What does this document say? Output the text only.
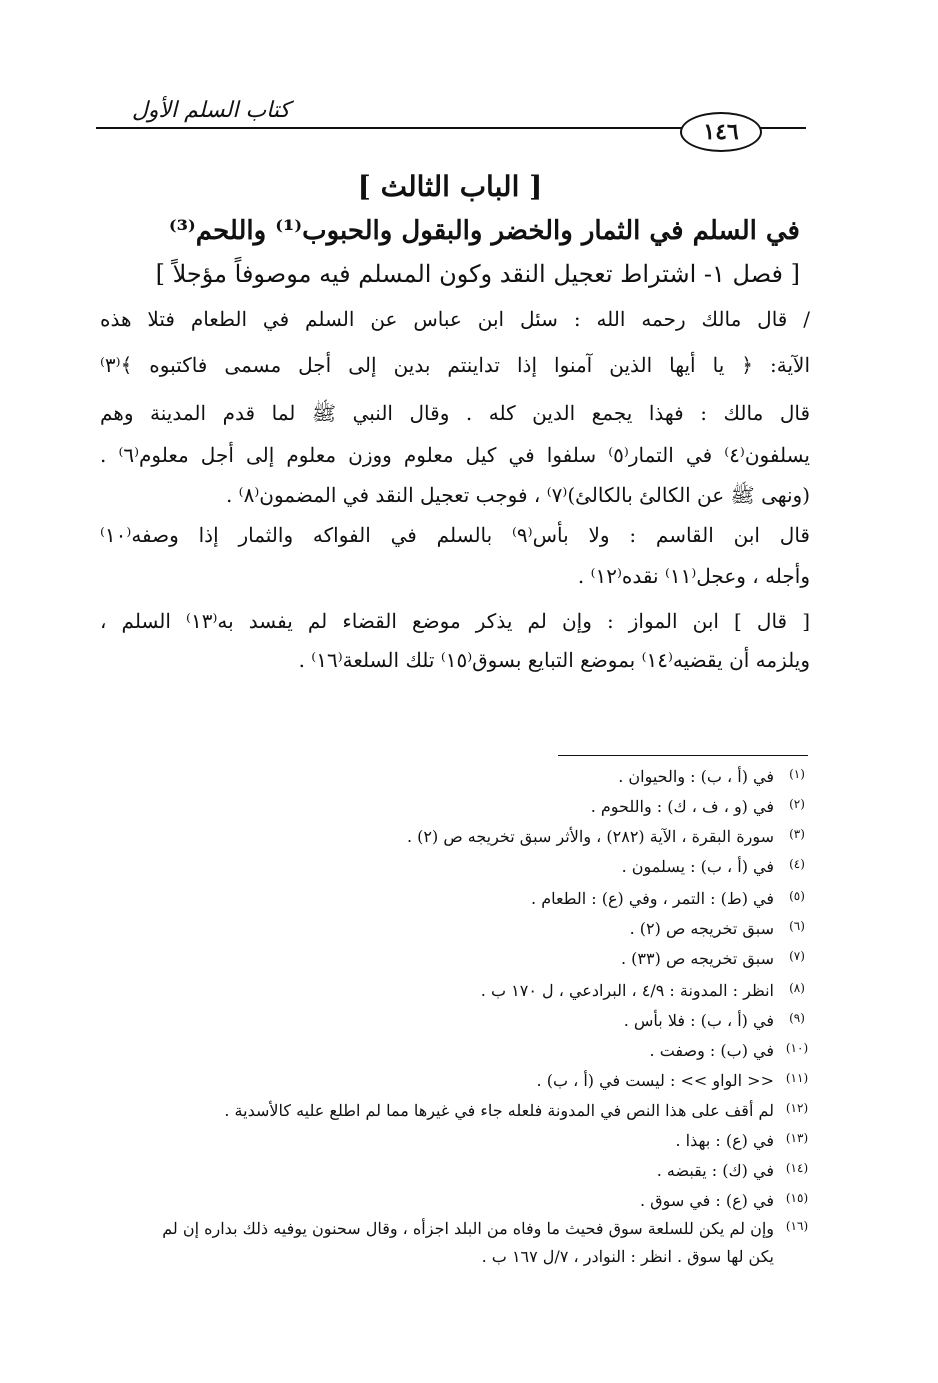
كتاب السلم الأول
١٤٦
[ الباب الثالث ]
في السلم في الثمار والخضر والبقول والحبوب⁽¹⁾ واللحم⁽³⁾
[ فصل ١- اشتراط تعجيل النقد وكون المسلم فيه موصوفاً مؤجلاً ]
/ قال مالك رحمه الله : سئل ابن عباس عن السلم في الطعام فتلا هذه
الآية: ﴿ يا أيها الذين آمنوا إذا تداينتم بدين إلى أجل مسمى فاكتبوه ﴾⁽٣⁾
قال مالك : فهذا يجمع الدين كله . وقال النبي ﷺ لما قدم المدينة وهم
يسلفون⁽٤⁾ في التمار⁽٥⁾ سلفوا في كيل معلوم ووزن معلوم إلى أجل معلوم⁽٦⁾ .
(ونهى ﷺ عن الكالئ بالكالئ)⁽٧⁾ ، فوجب تعجيل النقد في المضمون⁽٨⁾ .
قال ابن القاسم : ولا بأس⁽٩⁾ بالسلم في الفواكه والثمار إذا وصفه⁽١٠⁾
وأجله ، وعجل⁽١١⁾ نقده⁽١٢⁾ .
[ قال ] ابن المواز : وإن لم يذكر موضع القضاء لم يفسد به⁽١٣⁾ السلم ،
ويلزمه أن يقضيه⁽١٤⁾ بموضع التبايع بسوق⁽١٥⁾ تلك السلعة⁽١٦⁾ .
(١)
في (أ ، ب) : والحيوان .
(٢)
في (و ، ف ، ك) : واللحوم .
(٣)
سورة البقرة ، الآية (٢٨٢) ، والأثر سبق تخريجه ص (٢) .
(٤)
في (أ ، ب) : يسلمون .
(٥)
في (ط) : التمر ، وفي (ع) : الطعام .
(٦)
سبق تخريجه ص (٢) .
(٧)
سبق تخريجه ص (٣٣) .
(٨)
انظر : المدونة : ٤/٩ ، البرادعي ، ل ١٧٠ ب .
(٩)
في (أ ، ب) : فلا بأس .
(١٠)
في (ب) : وصفت .
(١١)
<< الواو >> : ليست في (أ ، ب) .
(١٢)
لم أقف على هذا النص في المدونة فلعله جاء في غيرها مما لم اطلع عليه كالأسدية .
(١٣)
في (ع) : بهذا .
(١٤)
في (ك) : يقبضه .
(١٥)
في (ع) : في سوق .
(١٦)
وإن لم يكن للسلعة سوق فحيث ما وفاه من البلد اجزأه ، وقال سحنون يوفيه ذلك بداره إن لم
يكن لها سوق . انظر : النوادر ، ٧/ل ١٦٧ ب .
